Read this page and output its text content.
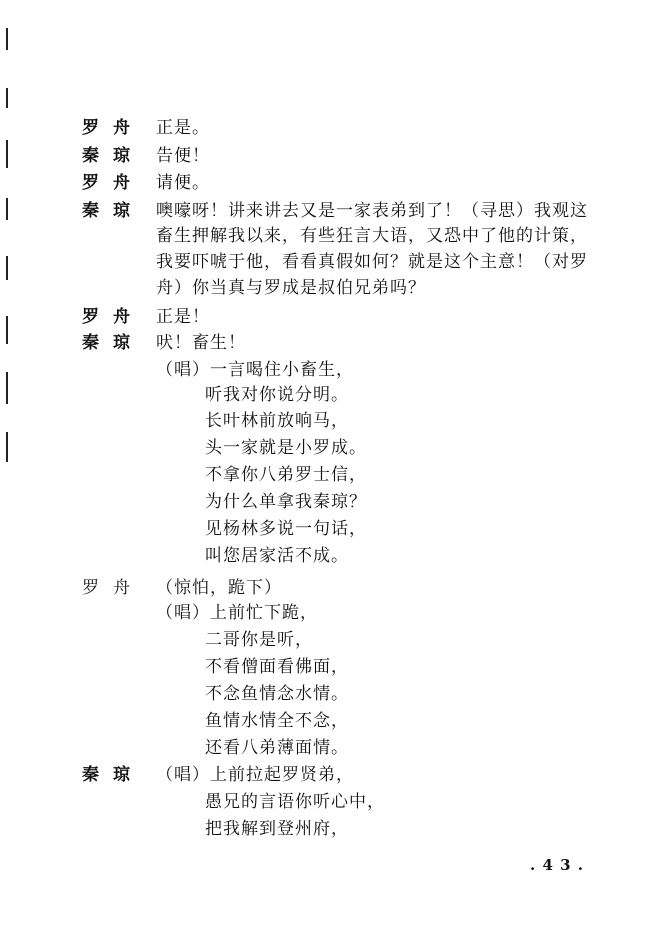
罗舟 正是。
秦琼 告便！
罗舟 请便。
秦琼 噢嚎呀！讲来讲去又是一家表弟到了！（寻思）我观这
畜生押解我以来，有些狂言大语，又恐中了他的计策，
我要吓唬于他，看看真假如何？就是这个主意！（对罗
舟）你当真与罗成是叔伯兄弟吗？
罗舟 正是！
秦琼 吠！畜生！
（唱）一言喝住小畜生，
听我对你说分明。
长叶林前放响马，
头一家就是小罗成。
不拿你八弟罗士信，
为什么单拿我秦琼？
见杨林多说一句话，
叫您居家活不成。
罗舟 （惊怕，跪下）
（唱）上前忙下跪，
二哥你是听，
不看僧面看佛面，
不念鱼情念水情。
鱼情水情全不念，
还看八弟薄面情。
秦琼 （唱）上前拉起罗贤弟，
愚兄的言语你听心中，
把我解到登州府，
. 4 3 .
